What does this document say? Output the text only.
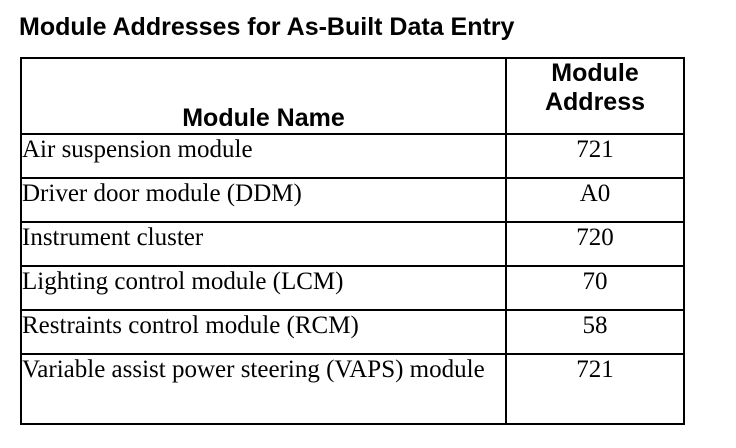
Module Addresses for As-Built Data Entry
Module Name	Module
Address

Air suspension module	721
Driver door module (DDM)	A0
Instrument cluster	720
Lighting control module (LCM)	70
Restraints control module (RCM)	58
Variable assist power steering (VAPS) module	721
